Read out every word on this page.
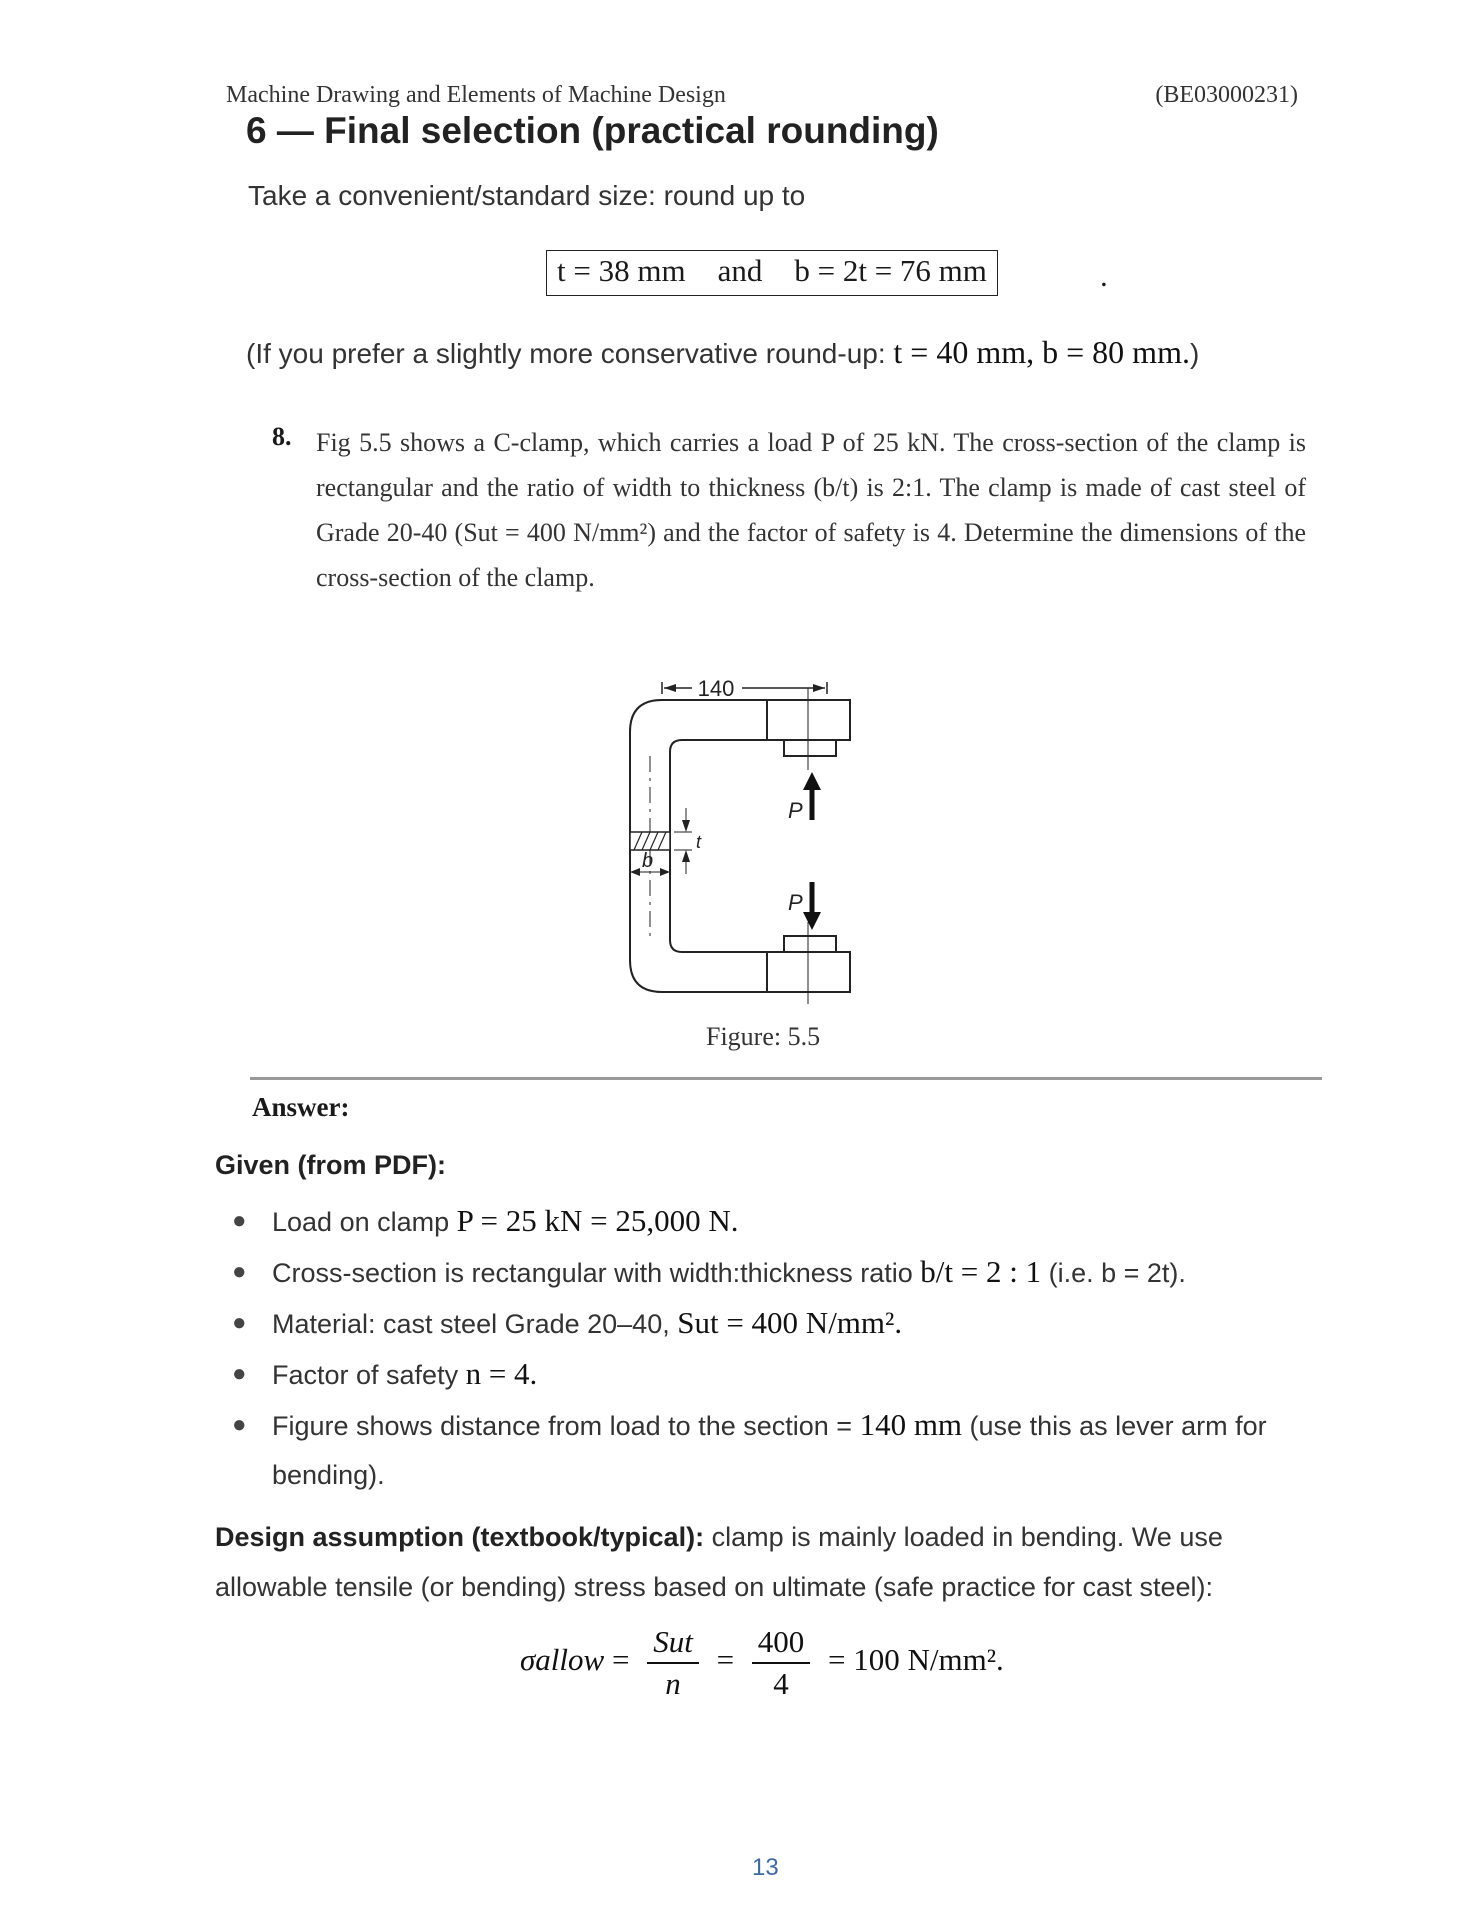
Machine Drawing and Elements of Machine Design	(BE03000231)
6 — Final selection (practical rounding)
Take a convenient/standard size: round up to
t = 38 mm and b = 2t = 76 mm	.
(If you prefer a slightly more conservative round-up: t = 40 mm, b = 80 mm.)
8. Fig 5.5 shows a C-clamp, which carries a load P of 25 kN. The cross-section of the clamp is rectangular and the ratio of width to thickness (b/t) is 2:1. The clamp is made of cast steel of Grade 20-40 (Sut = 400 N/mm²) and the factor of safety is 4. Determine the dimensions of the cross-section of the clamp.
140
P
P
t
b
Figure: 5.5
Answer:
Given (from PDF):
● Load on clamp P = 25 kN = 25,000 N.
● Cross-section is rectangular with width:thickness ratio b/t = 2 : 1 (i.e. b = 2t).
● Material: cast steel Grade 20–40, Sut = 400 N/mm².
● Factor of safety n = 4.
● Figure shows distance from load to the section = 140 mm (use this as lever arm for bending).
Design assumption (textbook/typical): clamp is mainly loaded in bending. We use allowable tensile (or bending) stress based on ultimate (safe practice for cast steel):
σallow = $\frac{\text{Sut}}{n} = \frac{400}{4} = 100$ N/mm².
13
